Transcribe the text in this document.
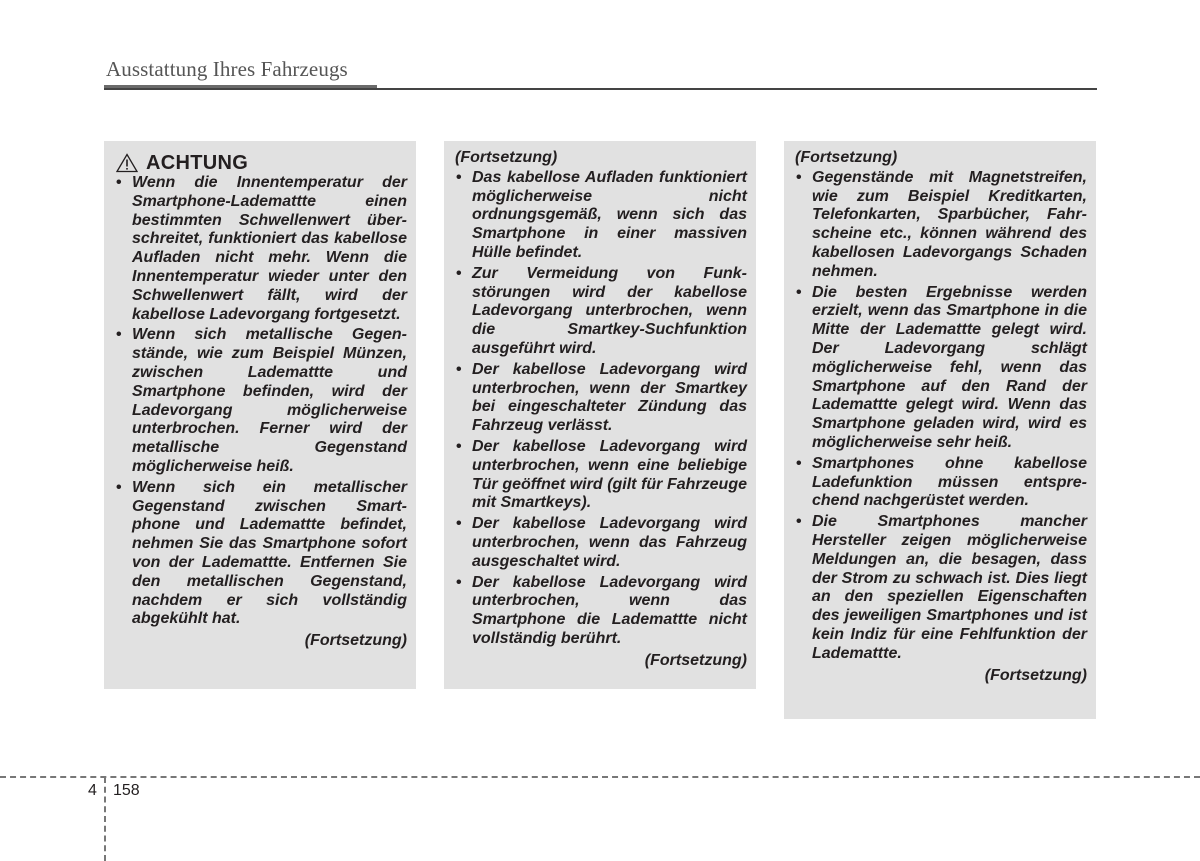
Ausstattung Ihres Fahrzeugs
ACHTUNG
• Wenn die Innentemperatur der Smartphone-Lademattte einen bestimmten Schwellenwert über- schreitet, funktioniert das kabellose Aufladen nicht mehr. Wenn die Innentemperatur wieder unter den Schwellenwert fällt, wird der kabellose Ladevorgang fortgesetzt.
• Wenn sich metallische Gegen- stände, wie zum Beispiel Münzen, zwischen Lademattte und Smartphone befinden, wird der Ladevorgang möglicherweise unterbrochen. Ferner wird der metallische Gegenstand möglicherweise heiß.
• Wenn sich ein metallischer Gegenstand zwischen Smart- phone und Lademattte befindet, nehmen Sie das Smartphone sofort von der Lademattte. Entfernen Sie den metallischen Gegenstand, nachdem er sich vollständig abgekühlt hat.
(Fortsetzung)
(Fortsetzung)
• Das kabellose Aufladen funktioniert möglicherweise nicht ordnungsgemäß, wenn sich das Smartphone in einer massiven Hülle befindet.
• Zur Vermeidung von Funk- störungen wird der kabellose Ladevorgang unterbrochen, wenn die Smartkey-Suchfunktion ausgeführt wird.
• Der kabellose Ladevorgang wird unterbrochen, wenn der Smartkey bei eingeschalteter Zündung das Fahrzeug verlässt.
• Der kabellose Ladevorgang wird unterbrochen, wenn eine beliebige Tür geöffnet wird (gilt für Fahrzeuge mit Smartkeys).
• Der kabellose Ladevorgang wird unterbrochen, wenn das Fahrzeug ausgeschaltet wird.
• Der kabellose Ladevorgang wird unterbrochen, wenn das Smartphone die Lademattte nicht vollständig berührt.
(Fortsetzung)
(Fortsetzung)
• Gegenstände mit Magnetstreifen, wie zum Beispiel Kreditkarten, Telefonkarten, Sparbücher, Fahr- scheine etc., können während des kabellosen Ladevorgangs Schaden nehmen.
• Die besten Ergebnisse werden erzielt, wenn das Smartphone in die Mitte der Lademattte gelegt wird. Der Ladevorgang schlägt möglicherweise fehl, wenn das Smartphone auf den Rand der Lademattte gelegt wird. Wenn das Smartphone geladen wird, wird es möglicherweise sehr heiß.
• Smartphones ohne kabellose Ladefunktion müssen entspre- chend nachgerüstet werden.
• Die Smartphones mancher Hersteller zeigen möglicherweise Meldungen an, die besagen, dass der Strom zu schwach ist. Dies liegt an den speziellen Eigenschaften des jeweiligen Smartphones und ist kein Indiz für eine Fehlfunktion der Lademattte.
(Fortsetzung)
4 158
